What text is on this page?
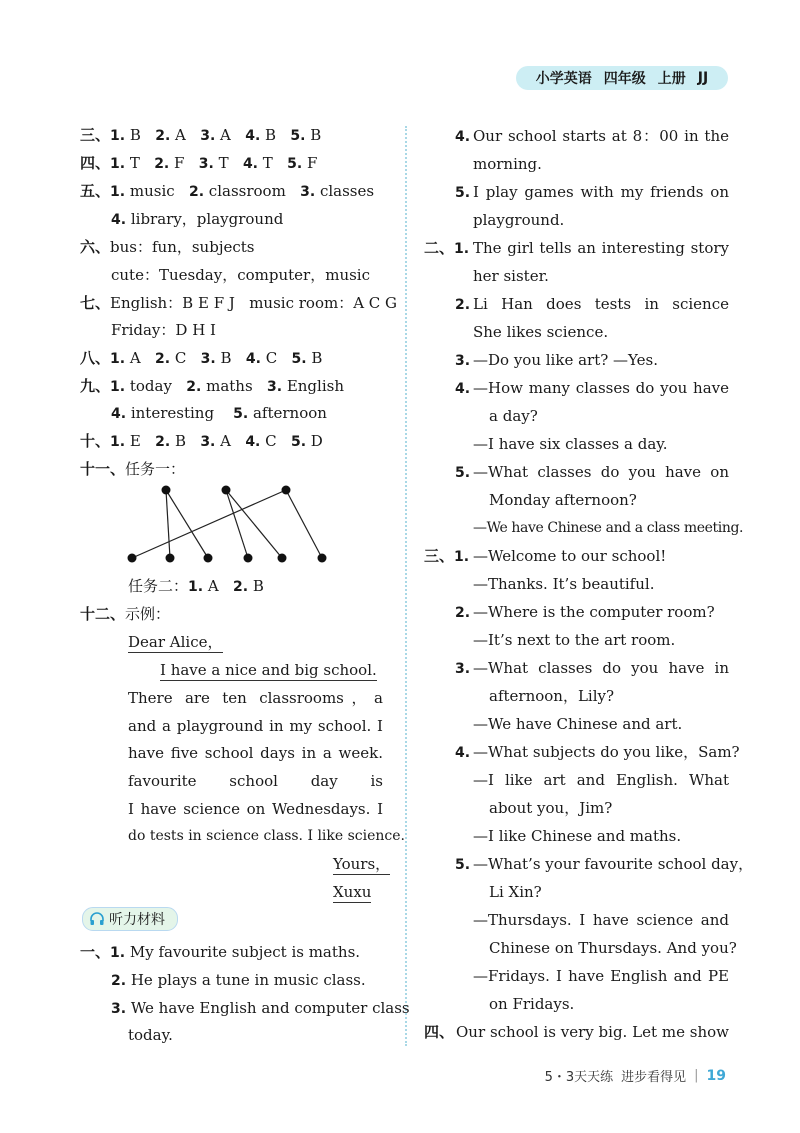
小学英语 四年级 上册 JJ
三、1. B 2. A 3. A 4. B 5. B
四、1. T 2. F 3. T 4. T 5. F
五、1. music 2. classroom 3. classes
4. library，playground
六、bus：fun，subjects
cute：Tuesday，computer，music
七、English：B E F J music room：A C G
Friday：D H I
八、1. A 2. C 3. B 4. C 5. B
九、1. today 2. maths 3. English
4. interesting 5. afternoon
十、1. E 2. B 3. A 4. C 5. D
十一、任务一：
任务二：1. A 2. B
十二、示例：
Dear Alice，
I have a nice and big school.
There are ten classrooms，a
and a playground in my school. I
have five school days in a week.
favourite school day is
I have science on Wednesdays. I
do tests in science class. I like science.
Yours，
Xuxu
听力材料
一、1. My favourite subject is maths.
2. He plays a tune in music class.
3. We have English and computer class
today.
4. Our school starts at 8：00 in the
morning.
5. I play games with my friends on
playground.
二、1. The girl tells an interesting story
her sister.
2. Li Han does tests in science
She likes science.
3. —Do you like art? —Yes.
4. —How many classes do you have
a day?
—I have six classes a day.
5. —What classes do you have on
Monday afternoon?
—We have Chinese and a class meeting.
三、1. —Welcome to our school!
—Thanks. It’s beautiful.
2. —Where is the computer room?
—It’s next to the art room.
3. —What classes do you have in
afternoon，Lily?
—We have Chinese and art.
4. —What subjects do you like，Sam?
—I like art and English. What
about you，Jim?
—I like Chinese and maths.
5. —What’s your favourite school day，
Li Xin?
—Thursdays. I have science and
Chinese on Thursdays. And you?
—Fridays. I have English and PE
on Fridays.
四、 Our school is very big. Let me show
5・3天天练 进步看得见 | 19
